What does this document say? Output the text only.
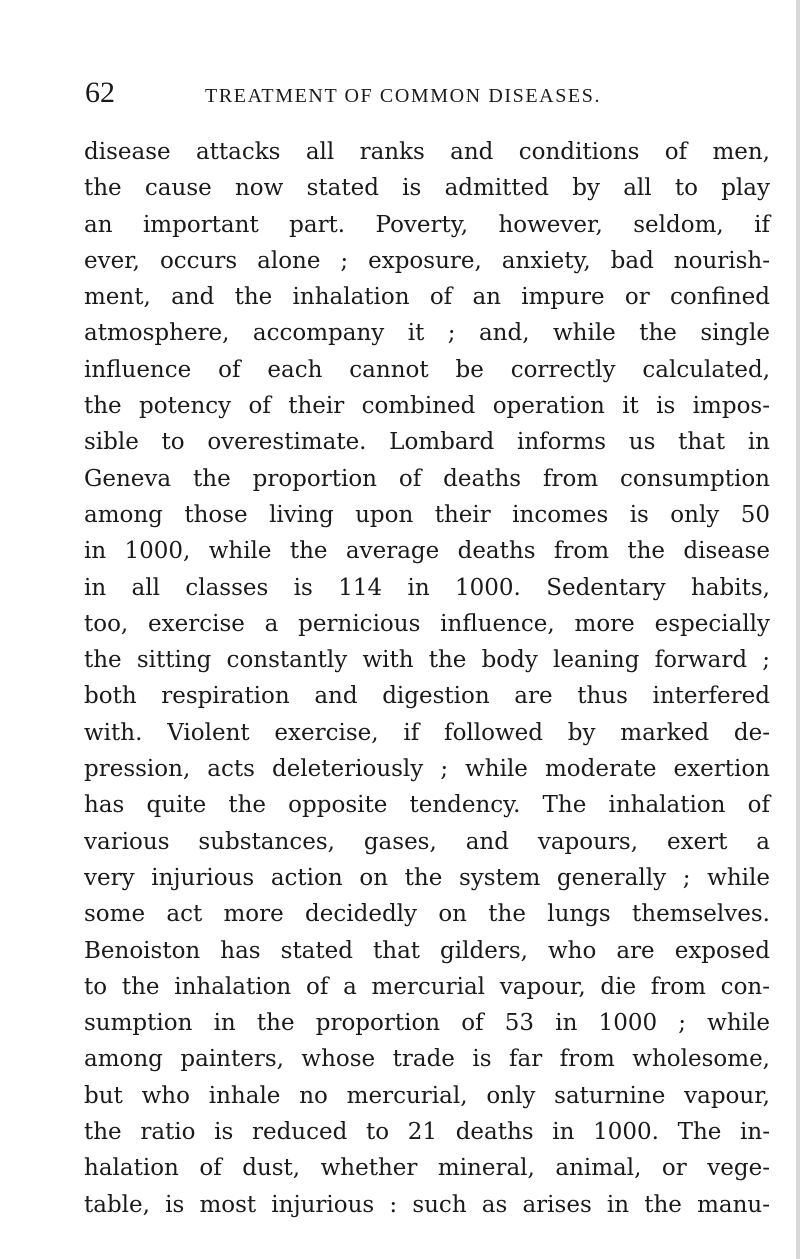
62	TREATMENT OF COMMON DISEASES.
disease attacks all ranks and conditions of men,
the cause now stated is admitted by all to play
an important part. Poverty, however, seldom, if
ever, occurs alone ; exposure, anxiety, bad nourish-
ment, and the inhalation of an impure or confined
atmosphere, accompany it ; and, while the single
influence of each cannot be correctly calculated,
the potency of their combined operation it is impos-
sible to overestimate. Lombard informs us that in
Geneva the proportion of deaths from consumption
among those living upon their incomes is only 50
in 1000, while the average deaths from the disease
in all classes is 114 in 1000. Sedentary habits,
too, exercise a pernicious influence, more especially
the sitting constantly with the body leaning forward ;
both respiration and digestion are thus interfered
with. Violent exercise, if followed by marked de-
pression, acts deleteriously ; while moderate exertion
has quite the opposite tendency. The inhalation of
various substances, gases, and vapours, exert a
very injurious action on the system generally ; while
some act more decidedly on the lungs themselves.
Benoiston has stated that gilders, who are exposed
to the inhalation of a mercurial vapour, die from con-
sumption in the proportion of 53 in 1000 ; while
among painters, whose trade is far from wholesome,
but who inhale no mercurial, only saturnine vapour,
the ratio is reduced to 21 deaths in 1000. The in-
halation of dust, whether mineral, animal, or vege-
table, is most injurious : such as arises in the manu-
